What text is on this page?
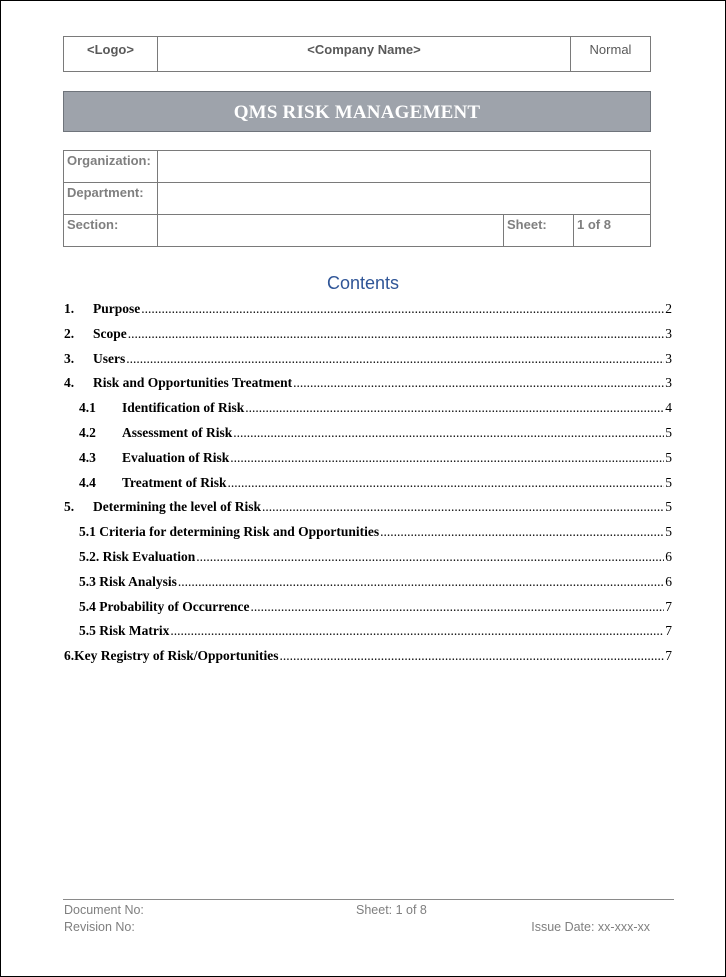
<Logo>	<Company Name>	Normal
QMS RISK MANAGEMENT
Organization:			
Department:			
Section:		Sheet:	1 of 8
Contents
1.	Purpose .....	2
2.	Scope .....	3
3.	Users .....	3
4.	Risk and Opportunities Treatment .....	3
4.1	Identification of Risk .....	4
4.2	Assessment of Risk .....	5
4.3	Evaluation of Risk .....	5
4.4	Treatment of Risk .....	5
5.	Determining the level of Risk .....	5
5.1 Criteria for determining Risk and Opportunities .....	5
5.2. Risk Evaluation .....	6
5.3 Risk Analysis .....	6
5.4 Probability of Occurrence .....	7
5.5 Risk Matrix .....	7
6.Key Registry of Risk/Opportunities .....	7
Document No:
Revision No:
Sheet: 1 of 8
Issue Date: xx-xxx-xx
